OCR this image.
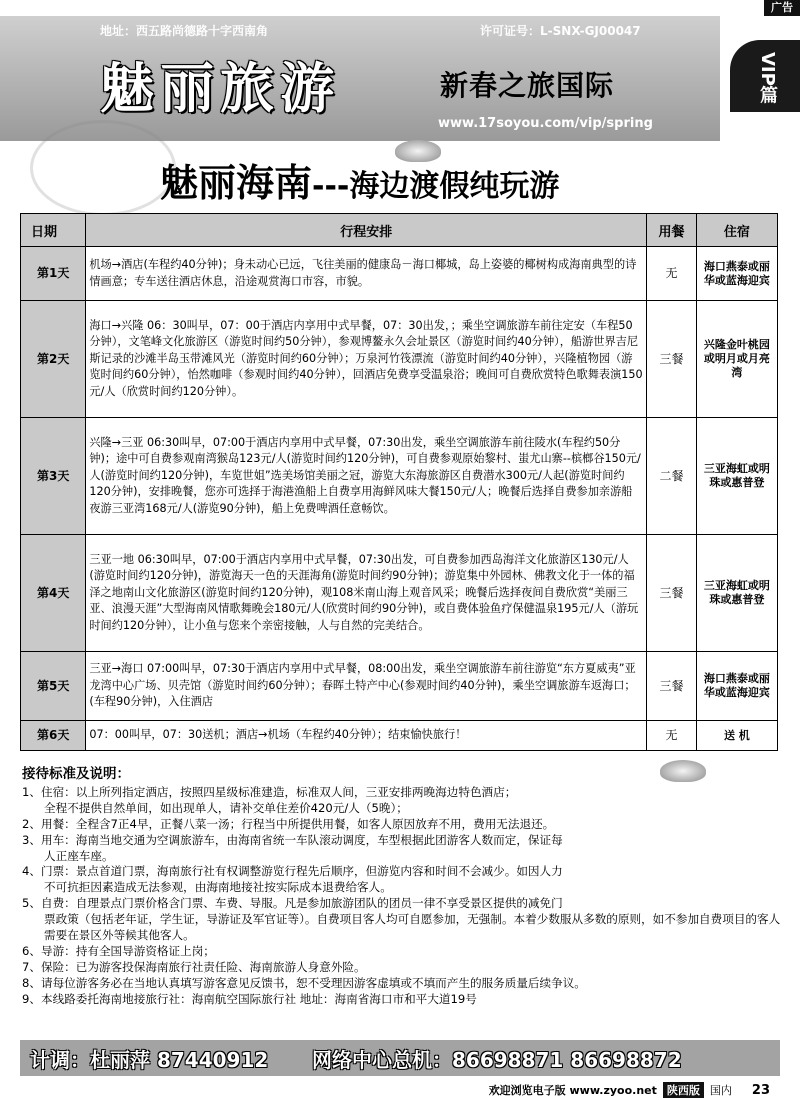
广告
地址：西五路尚德路十字西南角	许可证号：L-SNX-GJ00047
魅丽旅游	新春之旅国际
www.17soyou.com/vip/spring
VIP篇
魅丽海南---海边渡假纯玩游
日期	行程安排	用餐	住宿
第1天	机场→酒店(车程约40分钟)；身未动心已远，飞往美丽的健康岛－海口椰城，岛上姿婆的椰树构成海南典型的诗情画意；专车送往酒店休息，沿途观赏海口市容，市貌。	无	海口燕泰或丽华或蓝海迎宾
第2天	海口→兴隆 06：30叫早，07：00于酒店内享用中式早餐，07：30出发，；乘坐空调旅游车前往定安（车程50分钟），文笔峰文化旅游区（游览时间约50分钟），参观博鳌永久会址景区（游览时间约40分钟），船游世界吉尼斯记录的沙滩半岛玉带滩风光（游览时间约60分钟）；万泉河竹筏漂流（游览时间约40分钟），兴隆植物园（游览时间约60分钟），怡然咖啡（参观时间约40分钟），回酒店免费享受温泉浴；晚间可自费欣赏特色歌舞表演150元/人（欣赏时间约120分钟）。	三餐	兴隆金叶桃园或明月或月亮湾
第3天	兴隆→三亚 06:30叫早，07:00于酒店内享用中式早餐，07:30出发，乘坐空调旅游车前往陵水(车程约50分钟)；途中可自费参观南湾猴岛123元/人(游览时间约120分钟)，可自费参观原始黎村、蚩尤山寨--槟榔谷150元/人(游览时间约120分钟)，车览世姐”选美场馆美丽之冠，游览大东海旅游区自费潜水300元/人起(游览时间约120分钟)，安排晚餐，您亦可选择于海港渔船上自费享用海鲜风味大餐150元/人；晚餐后选择自费参加亲游船夜游三亚湾168元/人(游览90分钟)，船上免费啤酒任意畅饮。	二餐	三亚海虹或明珠或惠普登
第4天	三亚一地 06:30叫早，07:00于酒店内享用中式早餐，07:30出发，可自费参加西岛海洋文化旅游区130元/人(游览时间约120分钟)，游览海天一色的天涯海角(游览时间约90分钟)；游览集中外园林、佛教文化于一体的福泽之地南山文化旅游区(游览时间约120分钟)，观108米南山海上观音风采；晚餐后选择夜间自费欣赏“美丽三亚、浪漫天涯”大型海南风情歌舞晚会180元/人(欣赏时间约90分钟)，或自费体验鱼疗保健温泉195元/人（游玩时间约120分钟），让小鱼与您来个亲密接触，人与自然的完美结合。	三餐	三亚海虹或明珠或惠普登
第5天	三亚→海口 07:00叫早，07:30于酒店内享用中式早餐，08:00出发，乘坐空调旅游车前往游览“东方夏威夷”亚龙湾中心广场、贝壳馆（游览时间约60分钟）；春晖土特产中心(参观时间约40分钟)，乘坐空调旅游车返海口；(车程90分钟)，入住酒店	三餐	海口燕泰或丽华或蓝海迎宾
第6天	07：00叫早，07：30送机；酒店→机场（车程约40分钟）；结束愉快旅行！	无	送 机
接待标准及说明：

1、住宿：以上所列指定酒店，按照四星级标准建造，标准双人间，三亚安排两晚海边特色酒店；

全程不提供自然单间，如出现单人，请补交单住差价420元/人（5晚）；

2、用餐：全程含7正4早，正餐八菜一汤；行程当中所提供用餐，如客人原因放弃不用，费用无法退还。

3、用车：海南当地交通为空调旅游车，由海南省统一车队滚动调度，车型根据此团游客人数而定，保证每

人正座车座。

4、门票：景点首道门票，海南旅行社有权调整游览行程先后顺序，但游览内容和时间不会减少。如因人力

不可抗拒因素造成无法参观，由海南地接社按实际成本退费给客人。

5、自费：自理景点门票价格含门票、车费、导服。凡是参加旅游团队的团员一律不享受景区提供的减免门

票政策（包括老年证，学生证，导游证及军官证等）。自费项目客人均可自愿参加，无强制。本着少数服从多数的原则，如不参加自费项目的客人需要在景区外等候其他客人。

6、导游：持有全国导游资格证上岗；

7、保险：已为游客投保海南旅行社责任险、海南旅游人身意外险。

8、请每位游客务必在当地认真填写游客意见反馈书，恕不受理因游客虚填或不填而产生的服务质量后续争议。

9、本线路委托海南地接旅行社：海南航空国际旅行社 地址：海南省海口市和平大道19号

计调：杜丽萍 87440912 网络中心总机：86698871 86698872
欢迎浏览电子版 www.zyoo.net 陕西版 国内 23
